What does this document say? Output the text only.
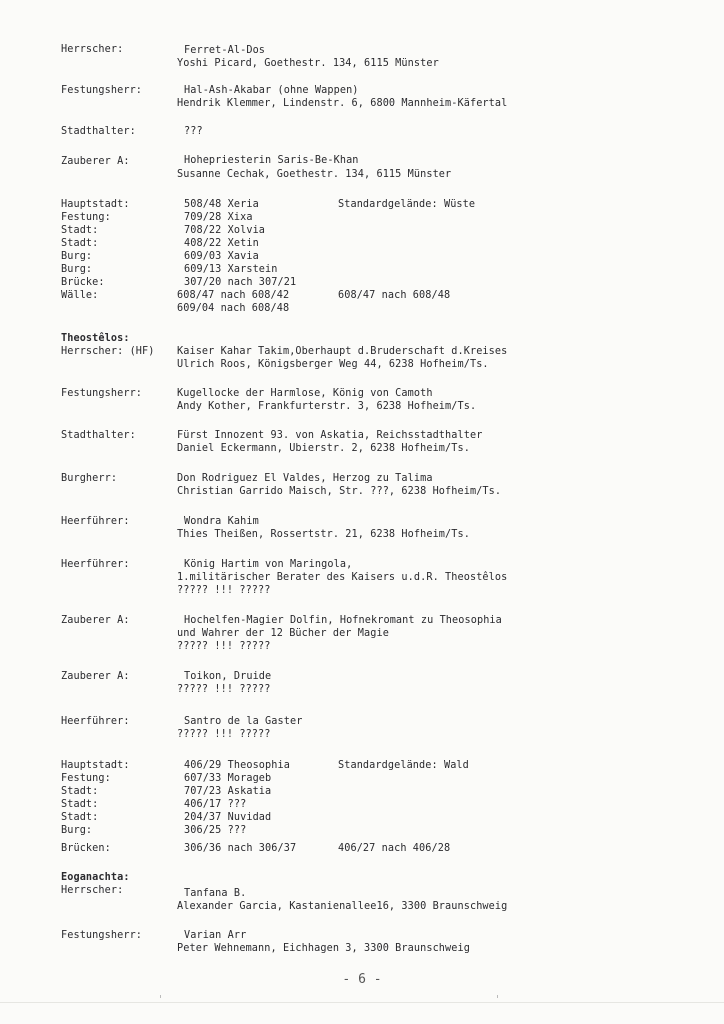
Herrscher:	Ferret-Al-Dos
Yoshi Picard, Goethestr. 134, 6115 Münster
Festungsherr:	Hal-Ash-Akabar (ohne Wappen)
Hendrik Klemmer, Lindenstr. 6, 6800 Mannheim-Käfertal
Stadthalter:	???
Zauberer A:	Hohepriesterin Saris-Be-Khan
Susanne Cechak, Goethestr. 134, 6115 Münster
Hauptstadt:	508/48 Xeria	Standardgelände: Wüste
Festung:	709/28 Xixa
Stadt:	708/22 Xolvia
Stadt:	408/22 Xetin
Burg:	609/03 Xavia
Burg:	609/13 Xarstein
Brücke:	307/20 nach 307/21
Wälle:	608/47 nach 608/42	608/47 nach 608/48
609/04 nach 608/48
Theostêlos:
Herrscher: (HF) Kaiser Kahar Takim,Oberhaupt d.Bruderschaft d.Kreises
Ulrich Roos, Königsberger Weg 44, 6238 Hofheim/Ts.
Festungsherr:	Kugellocke der Harmlose, König von Camoth
Andy Kother, Frankfurterstr. 3, 6238 Hofheim/Ts.
Stadthalter:	Fürst Innozent 93. von Askatia, Reichsstadthalter
Daniel Eckermann, Ubierstr. 2, 6238 Hofheim/Ts.
Burgherr:	Don Rodriguez El Valdes, Herzog zu Talima
Christian Garrido Maisch, Str. ???, 6238 Hofheim/Ts.
Heerführer:	Wondra Kahim
Thies Theißen, Rossertstr. 21, 6238 Hofheim/Ts.
Heerführer:	König Hartim von Maringola,
1.militärischer Berater des Kaisers u.d.R. Theostêlos
????? !!! ?????
Zauberer A:	Hochelfen-Magier Dolfin, Hofnekromant zu Theosophia
und Wahrer der 12 Bücher der Magie
????? !!! ?????
Zauberer A:	Toikon, Druide
????? !!! ?????
Heerführer:	Santro de la Gaster
????? !!! ?????
Hauptstadt:	406/29 Theosophia	Standardgelände: Wald
Festung:	607/33 Morageb
Stadt:	707/23 Askatia
Stadt:	406/17 ???
Stadt:	204/37 Nuvidad
Burg:	306/25 ???
Brücken:	306/36 nach 306/37	406/27 nach 406/28
Eoganachta:
Herrscher:	Tanfana B.
Alexander Garcia, Kastanienallee16, 3300 Braunschweig
Festungsherr:	Varian Arr
Peter Wehnemann, Eichhagen 3, 3300 Braunschweig
- 6 -
